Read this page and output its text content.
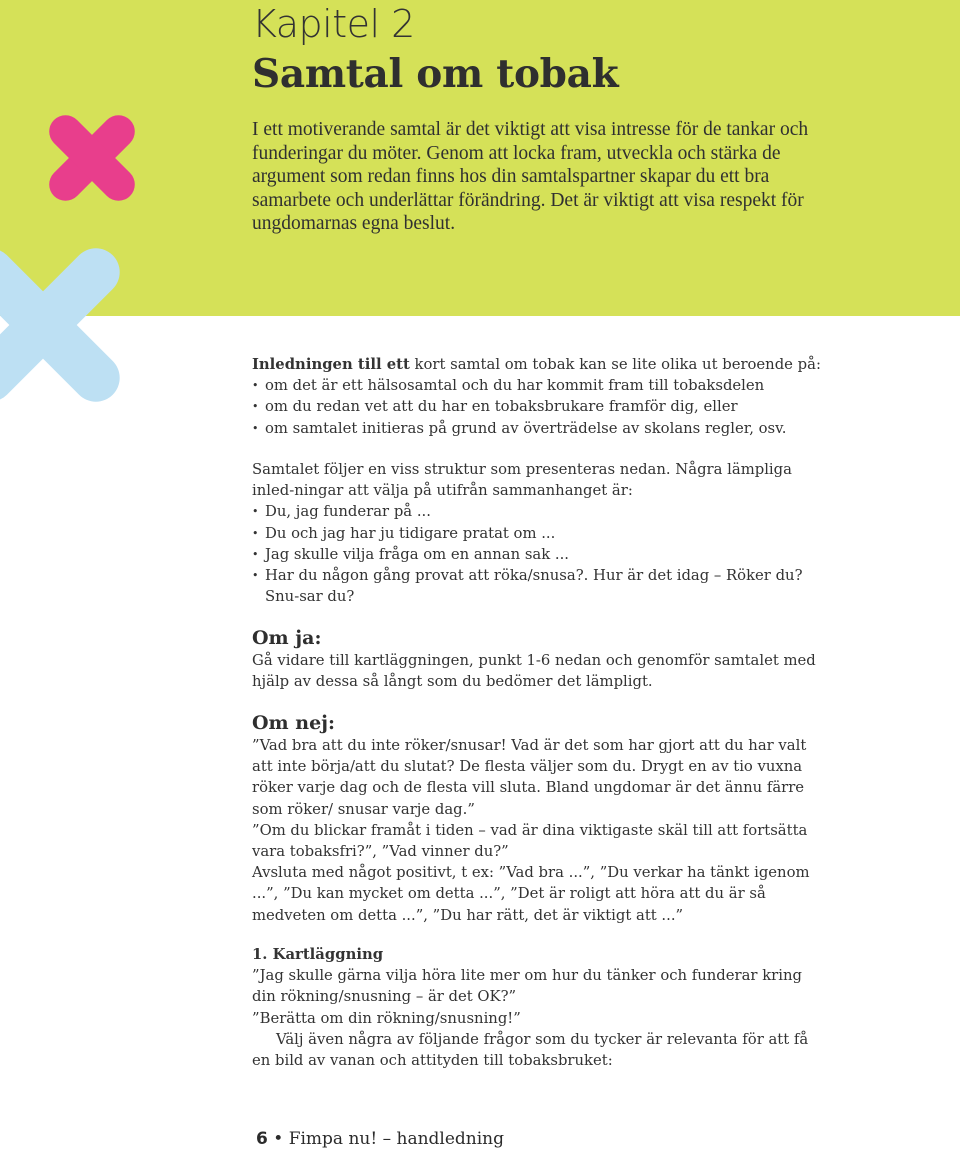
Kapitel 2
Samtal om tobak

I ett motiverande samtal är det viktigt att visa intresse för de tankar och funderingar du möter. Genom att locka fram, utveckla och stärka de argument som redan finns hos din samtalspartner skapar du ett bra samarbete och underlättar förändring. Det är viktigt att visa respekt för ungdomarnas egna beslut.

Inledningen till ett kort samtal om tobak kan se lite olika ut beroende på:

• om det är ett hälsosamtal och du har kommit fram till tobaksdelen
• om du redan vet att du har en tobaksbrukare framför dig, eller
• om samtalet initieras på grund av överträdelse av skolans regler, osv.

Samtalet följer en viss struktur som presenteras nedan. Några lämpliga inled-ningar att välja på utifrån sammanhanget är:

• Du, jag funderar på ...
• Du och jag har ju tidigare pratat om ...
• Jag skulle vilja fråga om en annan sak ...
• Har du någon gång provat att röka/snusa?. Hur är det idag – Röker du? Snu-sar du?

Om ja:

Gå vidare till kartläggningen, punkt 1-6 nedan och genomför samtalet med hjälp av dessa så långt som du bedömer det lämpligt.

Om nej:

”Vad bra att du inte röker/snusar! Vad är det som har gjort att du har valt att inte börja/att du slutat? De flesta väljer som du. Drygt en av tio vuxna röker varje dag och de flesta vill sluta. Bland ungdomar är det ännu färre som röker/ snusar varje dag.”

”Om du blickar framåt i tiden – vad är dina viktigaste skäl till att fortsätta vara tobaksfri?”, ”Vad vinner du?”

Avsluta med något positivt, t ex: ”Vad bra ...”, ”Du verkar ha tänkt igenom ...”, ”Du kan mycket om detta ...”, ”Det är roligt att höra att du är så medveten om detta ...”, ”Du har rätt, det är viktigt att ...”

1. Kartläggning

”Jag skulle gärna vilja höra lite mer om hur du tänker och funderar kring din rökning/snusning – är det OK?”

”Berätta om din rökning/snusning!”

Välj även några av följande frågor som du tycker är relevanta för att få en bild av vanan och attityden till tobaksbruket:

6 • Fimpa nu! – handledning
